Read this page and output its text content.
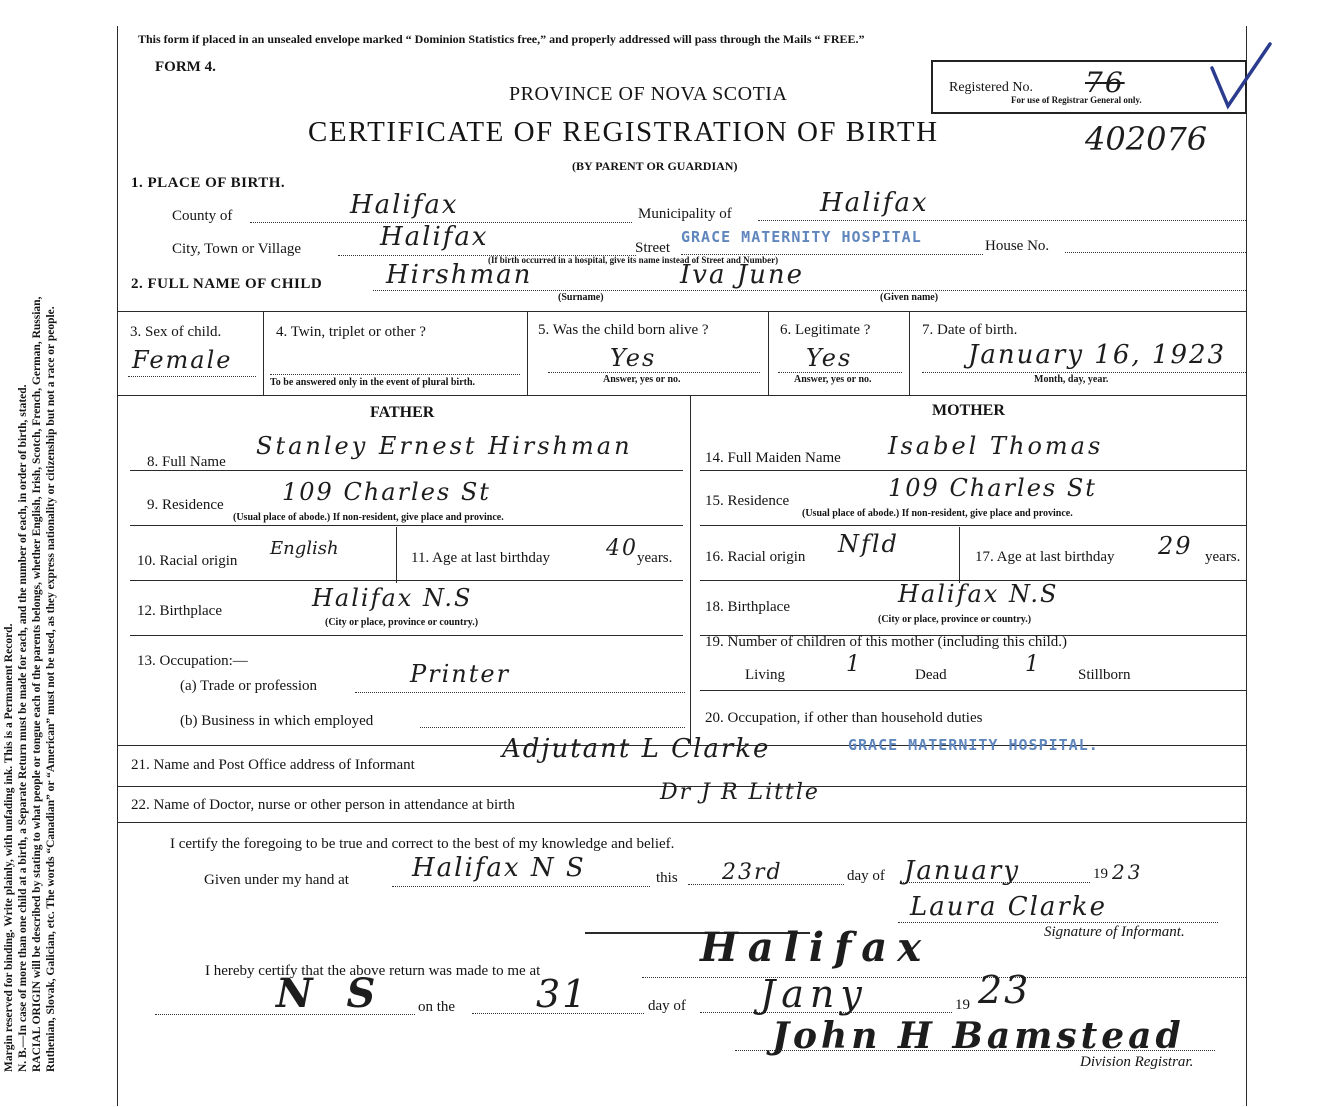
Margin reserved for binding. Write plainly, with unfading ink. This is a Permanent Record. N. B.—In case of more than one child at a birth, a Separate Return must be made for each, and the number of each, in order of birth, stated. RACIAL ORIGIN will be described by stating to what people or tongue each of the parents belongs, whether English, Irish, Scotch, French, German, Russian, Ruthenian, Slovak, Galician, etc. The words “Canadian” or “American” must not be used, as they express nationality or citizenship but not a race or people.
This form if placed in an unsealed envelope marked “ Dominion Statistics free,” and properly addressed will pass through the Mails “ FREE.”
FORM 4.
PROVINCE OF NOVA SCOTIA
CERTIFICATE OF REGISTRATION OF BIRTH
(BY PARENT OR GUARDIAN)
402076
Registered No. 76
For use of Registrar General only.
1. PLACE OF BIRTH.
County of	Halifax	Municipality of	Halifax
City, Town or Village	Halifax	Street
GRACE MATERNITY HOSPITAL	House No.
(If birth occurred in a hospital, give its name instead of Street and Number)
2. FULL NAME OF CHILD Hirshman	Iva June
(Surname)	(Given name)
3. Sex of child.
Female
4. Twin, triplet or other ?
To be answered only in the event of plural birth.
5. Was the child born alive ?
Yes
Answer, yes or no.
6. Legitimate ?
Yes
Answer, yes or no.
7. Date of birth.
January 16, 1923
Month, day, year.
FATHER	MOTHER
8. Full Name
Stanley Ernest Hirshman
9. Residence 109 Charles St
(Usual place of abode.) If non-resident, give place and province.
10. Racial origin
English	11. Age at last birthday	40 years.
12. Birthplace	Halifax N.S
(City or place, province or country.)
13. Occupation:—
(a) Trade or profession	Printer
(b) Business in which employed
14. Full Maiden Name Isabel Thomas
15. Residence	109 Charles St
(Usual place of abode.) If non-resident, give place and province.
16. Racial origin Nfld	17. Age at last birthday 29 years.
18. Birthplace	Halifax N.S
(City or place, province or country.)
19. Number of children of this mother (including this child.)
Living	1	Dead	1 Stillborn
20. Occupation, if other than household duties
21. Name and Post Office address of Informant
Adjutant L Clarke	GRACE MATERNITY HOSPITAL.
22. Name of Doctor, nurse or other person in attendance at birth	Dr J R Little
I certify the foregoing to be true and correct to the best of my knowledge and belief.
Given under my hand at Halifax N S	this 23rd	day of January	19 23
Laura Clarke
Signature of Informant.
I hereby certify that the above return was made to me at	Halifax
N S on the 31	day of Jany	19 23
John H Bamstead
Division Registrar.
